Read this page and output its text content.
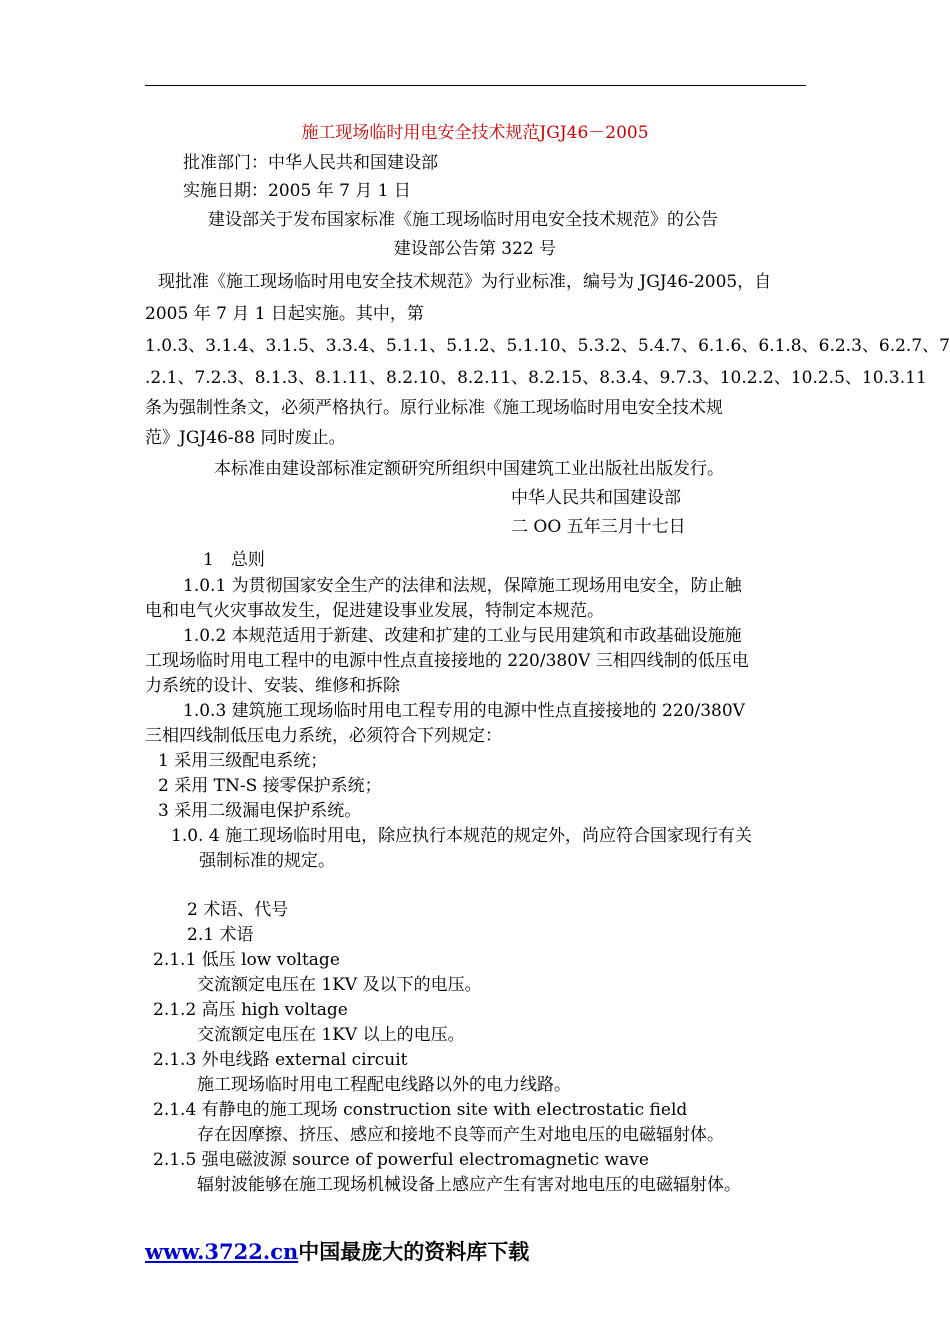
施工现场临时用电安全技术规范JGJ46－2005
批准部门：中华人民共和国建设部
实施日期：2005 年 7 月 1 日
建设部关于发布国家标准《施工现场临时用电安全技术规范》的公告
建设部公告第 322 号
现批准《施工现场临时用电安全技术规范》为行业标准，编号为 JGJ46-2005，自
2005 年 7 月 1 日起实施。其中，第
1.0.3、3.1.4、3.1.5、3.3.4、5.1.1、5.1.2、5.1.10、5.3.2、5.4.7、6.1.6、6.1.8、6.2.3、6.2.7、7
.2.1、7.2.3、8.1.3、8.1.11、8.2.10、8.2.11、8.2.15、8.3.4、9.7.3、10.2.2、10.2.5、10.3.11
条为强制性条文，必须严格执行。原行业标准《施工现场临时用电安全技术规
范》JGJ46-88 同时废止。
本标准由建设部标准定额研究所组织中国建筑工业出版社出版发行。
中华人民共和国建设部
二 OO 五年三月十七日
1　总则
1.0.1 为贯彻国家安全生产的法律和法规，保障施工现场用电安全，防止触
电和电气火灾事故发生，促进建设事业发展，特制定本规范。
1.0.2 本规范适用于新建、改建和扩建的工业与民用建筑和市政基础设施施
工现场临时用电工程中的电源中性点直接接地的 220/380V 三相四线制的低压电
力系统的设计、安装、维修和拆除
1.0.3 建筑施工现场临时用电工程专用的电源中性点直接接地的 220/380V
三相四线制低压电力系统，必须符合下列规定：
1 采用三级配电系统；
2 采用 TN-S 接零保护系统；
3 采用二级漏电保护系统。
1.0. 4 施工现场临时用电，除应执行本规范的规定外，尚应符合国家现行有关
强制标准的规定。
2 术语、代号
2.1 术语
2.1.1 低压 low voltage
交流额定电压在 1KV 及以下的电压。
2.1.2 高压 high voltage
交流额定电压在 1KV 以上的电压。
2.1.3 外电线路 external circuit
施工现场临时用电工程配电线路以外的电力线路。
2.1.4 有静电的施工现场 construction site with electrostatic field
存在因摩擦、挤压、感应和接地不良等而产生对地电压的电磁辐射体。
2.1.5 强电磁波源 source of powerful electromagnetic wave
辐射波能够在施工现场机械设备上感应产生有害对地电压的电磁辐射体。
www.3722.cn中国最庞大的资料库下载
